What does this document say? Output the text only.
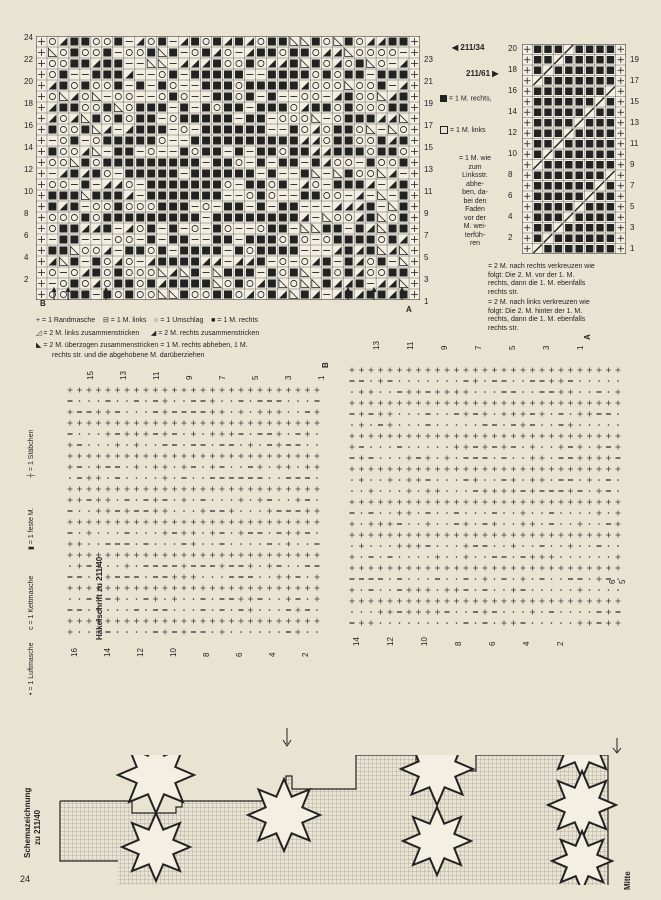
24
22
20
18
16
14
12
10
8
6
4
2
23
21
19
17
15
13
11
9
7
5
3
1
B
A
◀ 211/34
211/61 ▶
= 1 M. rechts,
= 1 M. links
= 1 M. wie
zum
Linksstr.
abhe-
ben, da-
bei den
Faden
vor der
M. wei-
terfüh-
ren
20
18
16
14
12
10
8
6
4
2
19
17
15
13
11
9
7
5
3
1
= 2 M. nach rechts verkreuzen wie
folgt: Die 2. M. vor der 1. M.
rechts, dann die 1. M. ebenfalls
rechts str.
= 2 M. nach links verkreuzen wie
folgt: Die 2. M. hinter der 1. M.
rechts, dann die 1. M. ebenfalls
rechts str.
+ = 1 Randmasche ⊟ = 1 M. links ○ = 1 Umschlag ■ = 1 M. rechts
◿ = 2 M. links zusammenstricken ◢ = 2 M. rechts zusammenstricken
◣ = 2 M. überzogen zusammenstricken = 1 M. rechts abheben, 1 M.
rechts str. und die abgehobene M. darüberziehen
Häkelschrift zu 211/40
• = 1 Luftmasche
c = 1 Kettmasche
▮ = 1 feste M.
┼ = 1 Stäbchen
B
A
15	13	11	9	7	5	3	1
16	14	12	10	8	6	4	2
13	11	9	7	5	3	1
14	12	10	8	6	4	2
6 5
Schemazeichnung zu 211/40
Mitte
24
